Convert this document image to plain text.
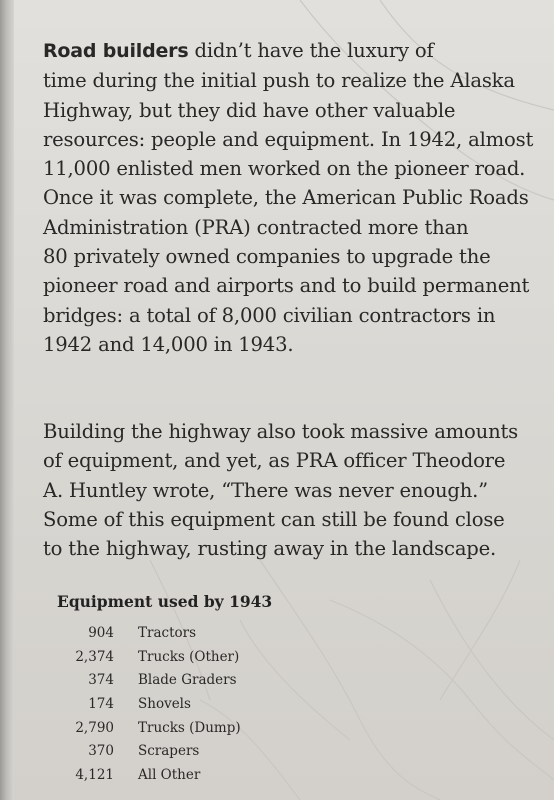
Road builders didn’t have the luxury of
time during the initial push to realize the Alaska
Highway, but they did have other valuable
resources: people and equipment. In 1942, almost
11,000 enlisted men worked on the pioneer road.
Once it was complete, the American Public Roads
Administration (PRA) contracted more than
80 privately owned companies to upgrade the
pioneer road and airports and to build permanent
bridges: a total of 8,000 civilian contractors in
1942 and 14,000 in 1943.
Building the highway also took massive amounts
of equipment, and yet, as PRA officer Theodore
A. Huntley wrote, “There was never enough.”
Some of this equipment can still be found close
to the highway, rusting away in the landscape.
Equipment used by 1943
904 Tractors
2,374 Trucks (Other)
374 Blade Graders
174 Shovels
2,790 Trucks (Dump)
370 Scrapers
4,121 All Other
